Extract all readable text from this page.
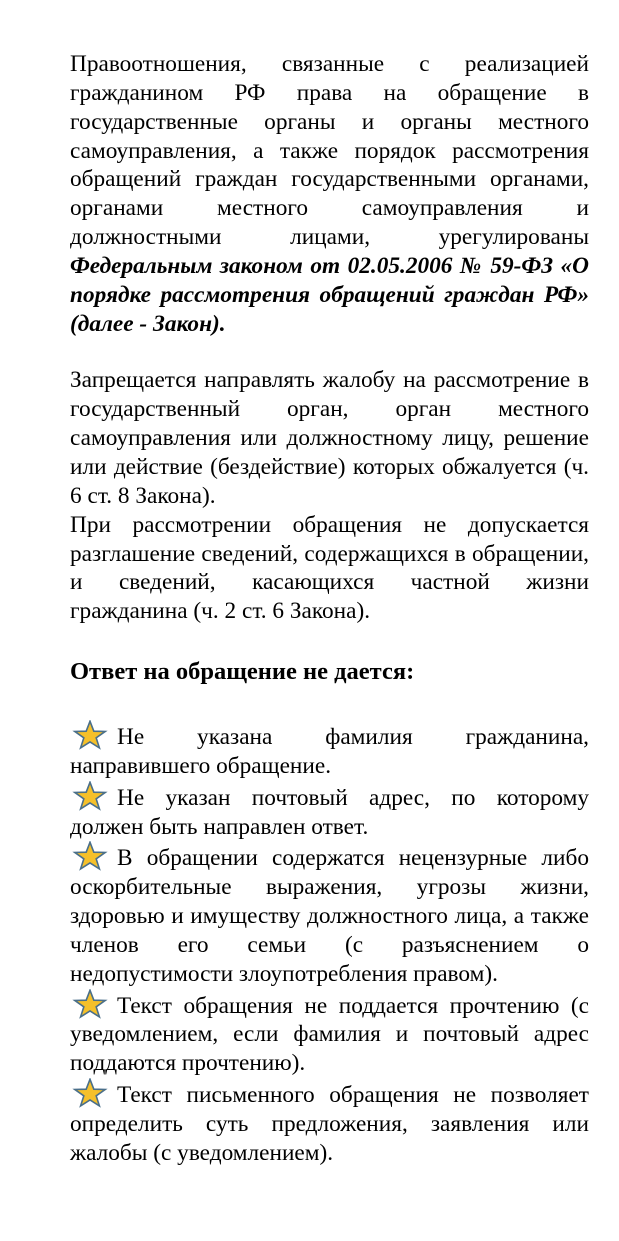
Правоотношения, связанные с реализацией гражданином РФ права на обращение в государственные органы и органы местного самоуправления, а также порядок рассмотрения обращений граждан государственными органами, органами местного самоуправления и должностными лицами, урегулированы Федеральным законом от 02.05.2006 № 59-ФЗ «О порядке рассмотрения обращений граждан РФ» (далее - Закон).

Запрещается направлять жалобу на рассмотрение в государственный орган, орган местного самоуправления или должностному лицу, решение или действие (бездействие) которых обжалуется (ч. 6 ст. 8 Закона).

При рассмотрении обращения не допускается разглашение сведений, содержащихся в обращении, и сведений, касающихся частной жизни гражданина (ч. 2 ст. 6 Закона).

Ответ на обращение не дается:

Не указана фамилия гражданина, направившего обращение.

Не указан почтовый адрес, по которому должен быть направлен ответ.

В обращении содержатся нецензурные либо оскорбительные выражения, угрозы жизни, здоровью и имуществу должностного лица, а также членов его семьи (с разъяснением о недопустимости злоупотребления правом).

Текст обращения не поддается прочтению (с уведомлением, если фамилия и почтовый адрес поддаются прочтению).

Текст письменного обращения не позволяет определить суть предложения, заявления или жалобы (с уведомлением).
